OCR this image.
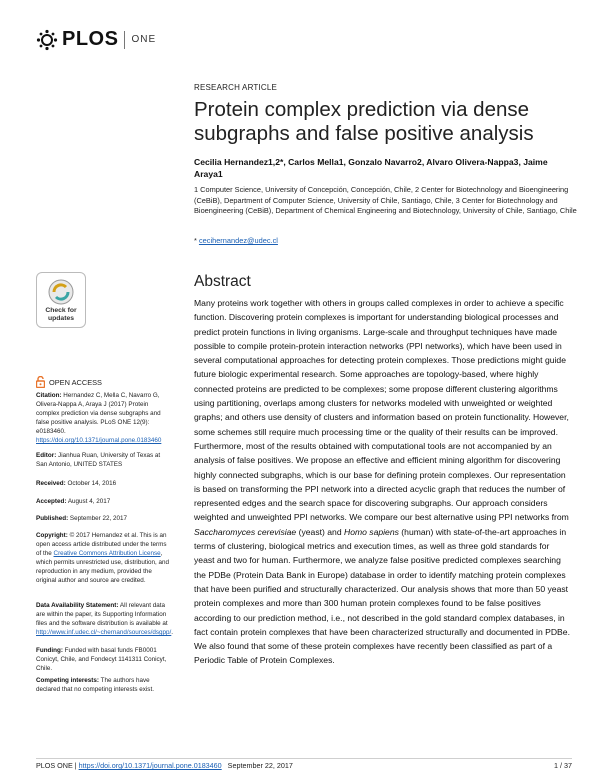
PLOS ONE
RESEARCH ARTICLE
Protein complex prediction via dense subgraphs and false positive analysis
Cecilia Hernandez1,2*, Carlos Mella1, Gonzalo Navarro2, Alvaro Olivera-Nappa3, Jaime Araya1
1 Computer Science, University of Concepción, Concepción, Chile, 2 Center for Biotechnology and Bioengineering (CeBiB), Department of Computer Science, University of Chile, Santiago, Chile, 3 Center for Biotechnology and Bioengineering (CeBiB), Department of Chemical Engineering and Biotechnology, University of Chile, Santiago, Chile
* cecihernandez@udec.cl
Check for
updates
OPEN ACCESS
Citation: Hernandez C, Mella C, Navarro G, Olivera-Nappa A, Araya J (2017) Protein complex prediction via dense subgraphs and false positive analysis. PLoS ONE 12(9): e0183460. https://doi.org/10.1371/journal.pone.0183460
Editor: Jianhua Ruan, University of Texas at San Antonio, UNITED STATES
Received: October 14, 2016
Accepted: August 4, 2017
Published: September 22, 2017
Copyright: © 2017 Hernandez et al. This is an open access article distributed under the terms of the Creative Commons Attribution License, which permits unrestricted use, distribution, and reproduction in any medium, provided the original author and source are credited.
Data Availability Statement: All relevant data are within the paper, its Supporting Information files and the software distribution is available at http://www.inf.udec.cl/~chernand/sources/dsgpp/.
Funding: Funded with basal funds FB0001 Conicyt, Chile, and Fondecyt 1141311 Conicyt, Chile.
Competing interests: The authors have declared that no competing interests exist.
Abstract
Many proteins work together with others in groups called complexes in order to achieve a specific function. Discovering protein complexes is important for understanding biological processes and predict protein functions in living organisms. Large-scale and throughput techniques have made possible to compile protein-protein interaction networks (PPI networks), which have been used in several computational approaches for detecting protein complexes. Those predictions might guide future biologic experimental research. Some approaches are topology-based, where highly connected proteins are predicted to be complexes; some propose different clustering algorithms using partitioning, overlaps among clusters for networks modeled with unweighted or weighted graphs; and others use density of clusters and information based on protein functionality. However, some schemes still require much processing time or the quality of their results can be improved. Furthermore, most of the results obtained with computational tools are not accompanied by an analysis of false positives. We propose an effective and efficient mining algorithm for discovering highly connected subgraphs, which is our base for defining protein complexes. Our representation is based on transforming the PPI network into a directed acyclic graph that reduces the number of represented edges and the search space for discovering subgraphs. Our approach considers weighted and unweighted PPI networks. We compare our best alternative using PPI networks from Saccharomyces cerevisiae (yeast) and Homo sapiens (human) with state-of-the-art approaches in terms of clustering, biological metrics and execution times, as well as three gold standards for yeast and two for human. Furthermore, we analyze false positive predicted complexes searching the PDBe (Protein Data Bank in Europe) database in order to identify matching protein complexes that have been purified and structurally characterized. Our analysis shows that more than 50 yeast protein complexes and more than 300 human protein complexes found to be false positives according to our prediction method, i.e., not described in the gold standard complex databases, in fact contain protein complexes that have been characterized structurally and documented in PDBe. We also found that some of these protein complexes have recently been classified as part of a Periodic Table of Protein Complexes.
PLOS ONE | https://doi.org/10.1371/journal.pone.0183460   September 22, 2017	1 / 37
